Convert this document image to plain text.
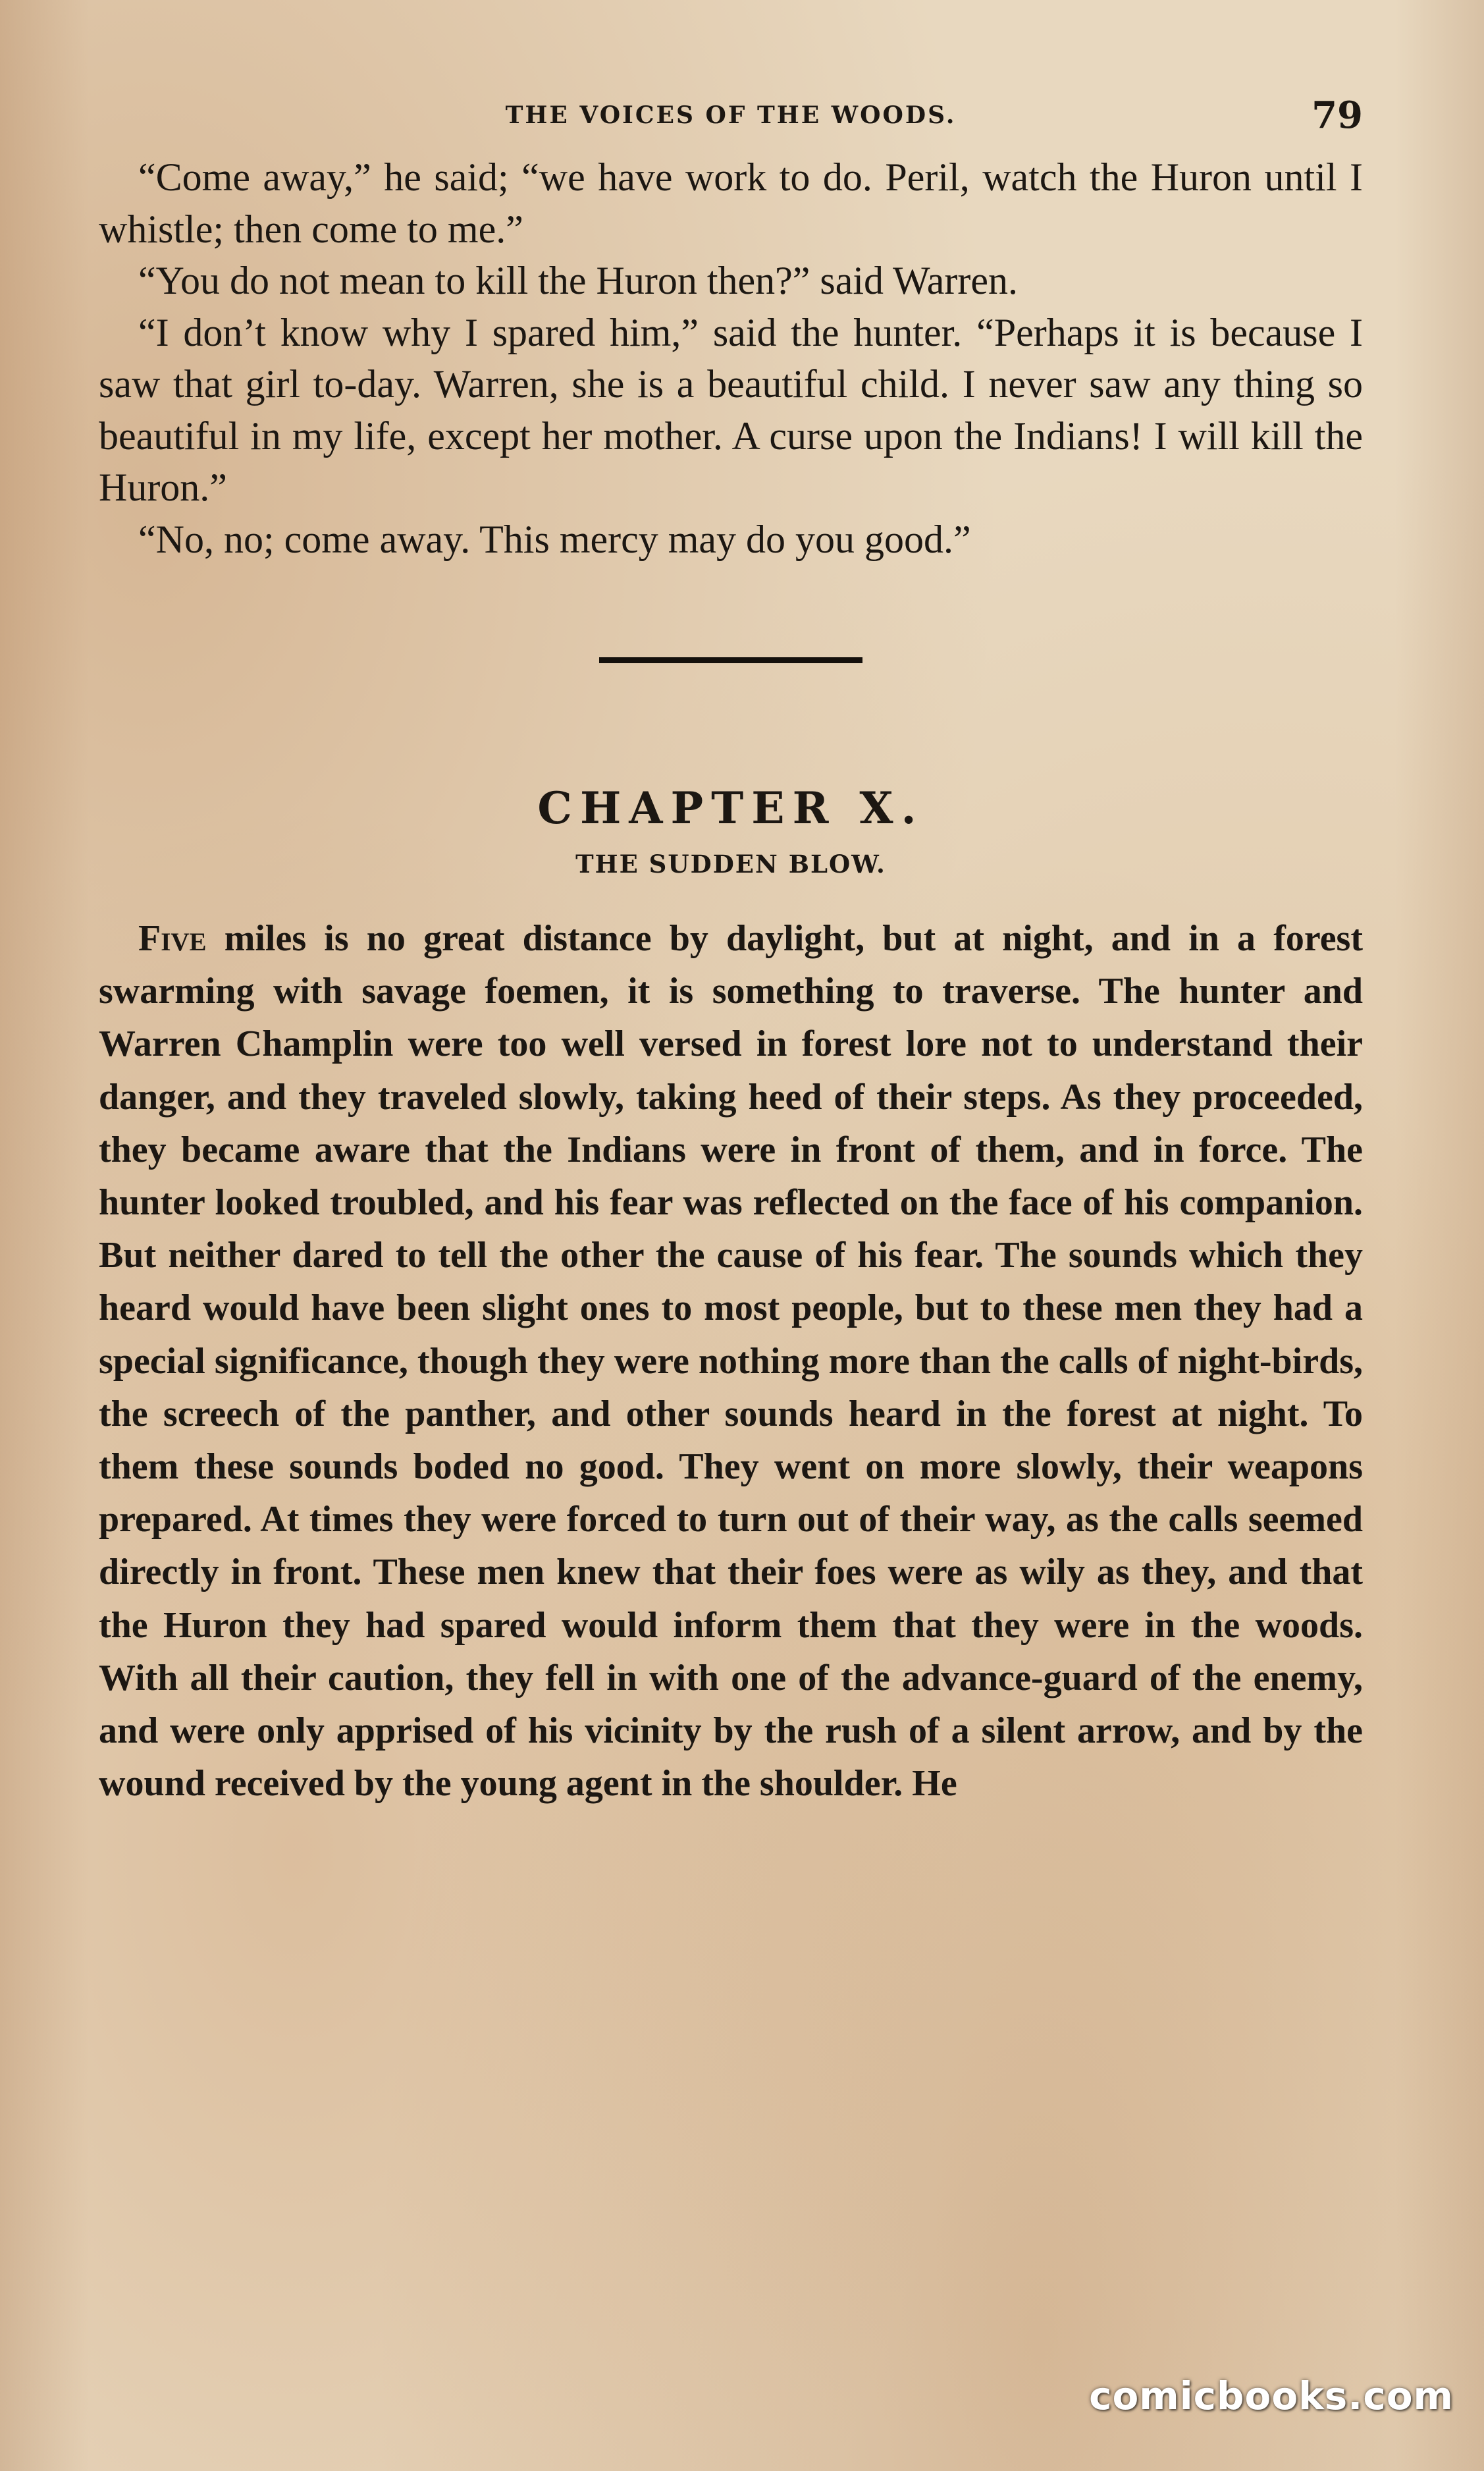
THE VOICES OF THE WOODS.	79

“Come away,” he said; “we have work to do. Peril, watch the Huron until I whistle; then come to me.”

“You do not mean to kill the Huron then?” said Warren.

“I don’t know why I spared him,” said the hunter. “Perhaps it is because I saw that girl to-day. Warren, she is a beautiful child. I never saw any thing so beautiful in my life, except her mother. A curse upon the Indians! I will kill the Huron.”

“No, no; come away. This mercy may do you good.”

CHAPTER X.
THE SUDDEN BLOW.

Five miles is no great distance by daylight, but at night, and in a forest swarming with savage foemen, it is something to traverse. The hunter and Warren Champlin were too well versed in forest lore not to understand their danger, and they traveled slowly, taking heed of their steps. As they proceeded, they became aware that the Indians were in front of them, and in force. The hunter looked troubled, and his fear was reflected on the face of his companion. But neither dared to tell the other the cause of his fear. The sounds which they heard would have been slight ones to most people, but to these men they had a special significance, though they were nothing more than the calls of night-birds, the screech of the panther, and other sounds heard in the forest at night. To them these sounds boded no good. They went on more slowly, their weapons prepared. At times they were forced to turn out of their way, as the calls seemed directly in front. These men knew that their foes were as wily as they, and that the Huron they had spared would inform them that they were in the woods. With all their caution, they fell in with one of the advance-guard of the enemy, and were only apprised of his vicinity by the rush of a silent arrow, and by the wound received by the young agent in the shoulder. He

comicbooks.com
